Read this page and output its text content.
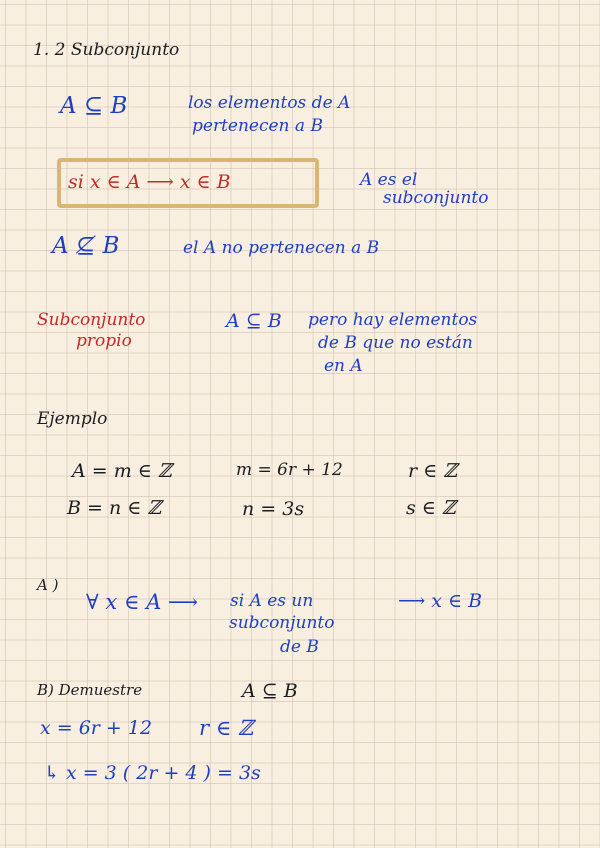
1. 2 Subconjunto
A ⊆ B	los elementos de A
pertenecen a B
si x ∈ A ⟶ x ∈ B	A es el
subconjunto
A ⊈ B	el A no pertenecen a B
Subconjunto
propio
A ⊆ B pero hay elementos
de B que no están
en A
Ejemplo
A = m ∈ ℤ	m = 6r + 12	r ∈ ℤ
B = n ∈ ℤ	n = 3s	s ∈ ℤ
A )
∀ x ∈ A ⟶ si A es un
subconjunto
de B
⟶ x ∈ B
B) Demuestre	A ⊆ B
x = 6r + 12 r ∈ ℤ
↳ x = 3 ( 2r + 4 ) = 3s
